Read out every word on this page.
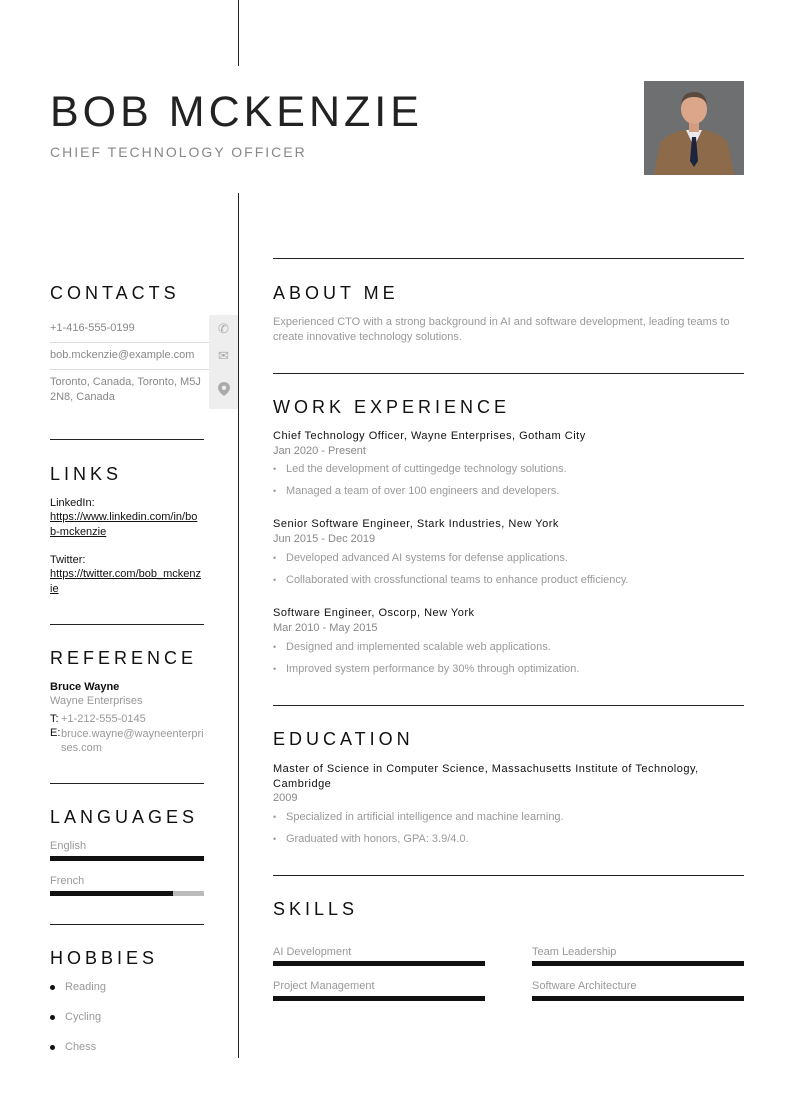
BOB MCKENZIE
CHIEF TECHNOLOGY OFFICER
CONTACTS
+1-416-555-0199	✆
bob.mckenzie@example.com	✉
Toronto, Canada, Toronto, M5J 2N8, Canada
LINKS
LinkedIn:
https://www.linkedin.com/in/bob-mckenzie
Twitter:
https://twitter.com/bob_mckenzie
REFERENCE
Bruce Wayne
Wayne Enterprises
T: +1-212-555-0145
E: bruce.wayne@wayneenterprises.com
LANGUAGES
English
French
HOBBIES
Reading
Cycling
Chess
ABOUT ME
Experienced CTO with a strong background in AI and software development, leading teams to create innovative technology solutions.
WORK EXPERIENCE
Chief Technology Officer, Wayne Enterprises, Gotham City
Jan 2020 - Present
• Led the development of cuttingedge technology solutions.
• Managed a team of over 100 engineers and developers.
Senior Software Engineer, Stark Industries, New York
Jun 2015 - Dec 2019
• Developed advanced AI systems for defense applications.
• Collaborated with crossfunctional teams to enhance product efficiency.
Software Engineer, Oscorp, New York
Mar 2010 - May 2015
• Designed and implemented scalable web applications.
• Improved system performance by 30% through optimization.
EDUCATION
Master of Science in Computer Science, Massachusetts Institute of Technology, Cambridge
2009
• Specialized in artificial intelligence and machine learning.
• Graduated with honors, GPA: 3.9/4.0.
SKILLS
AI Development	Team Leadership
Project Management	Software Architecture
